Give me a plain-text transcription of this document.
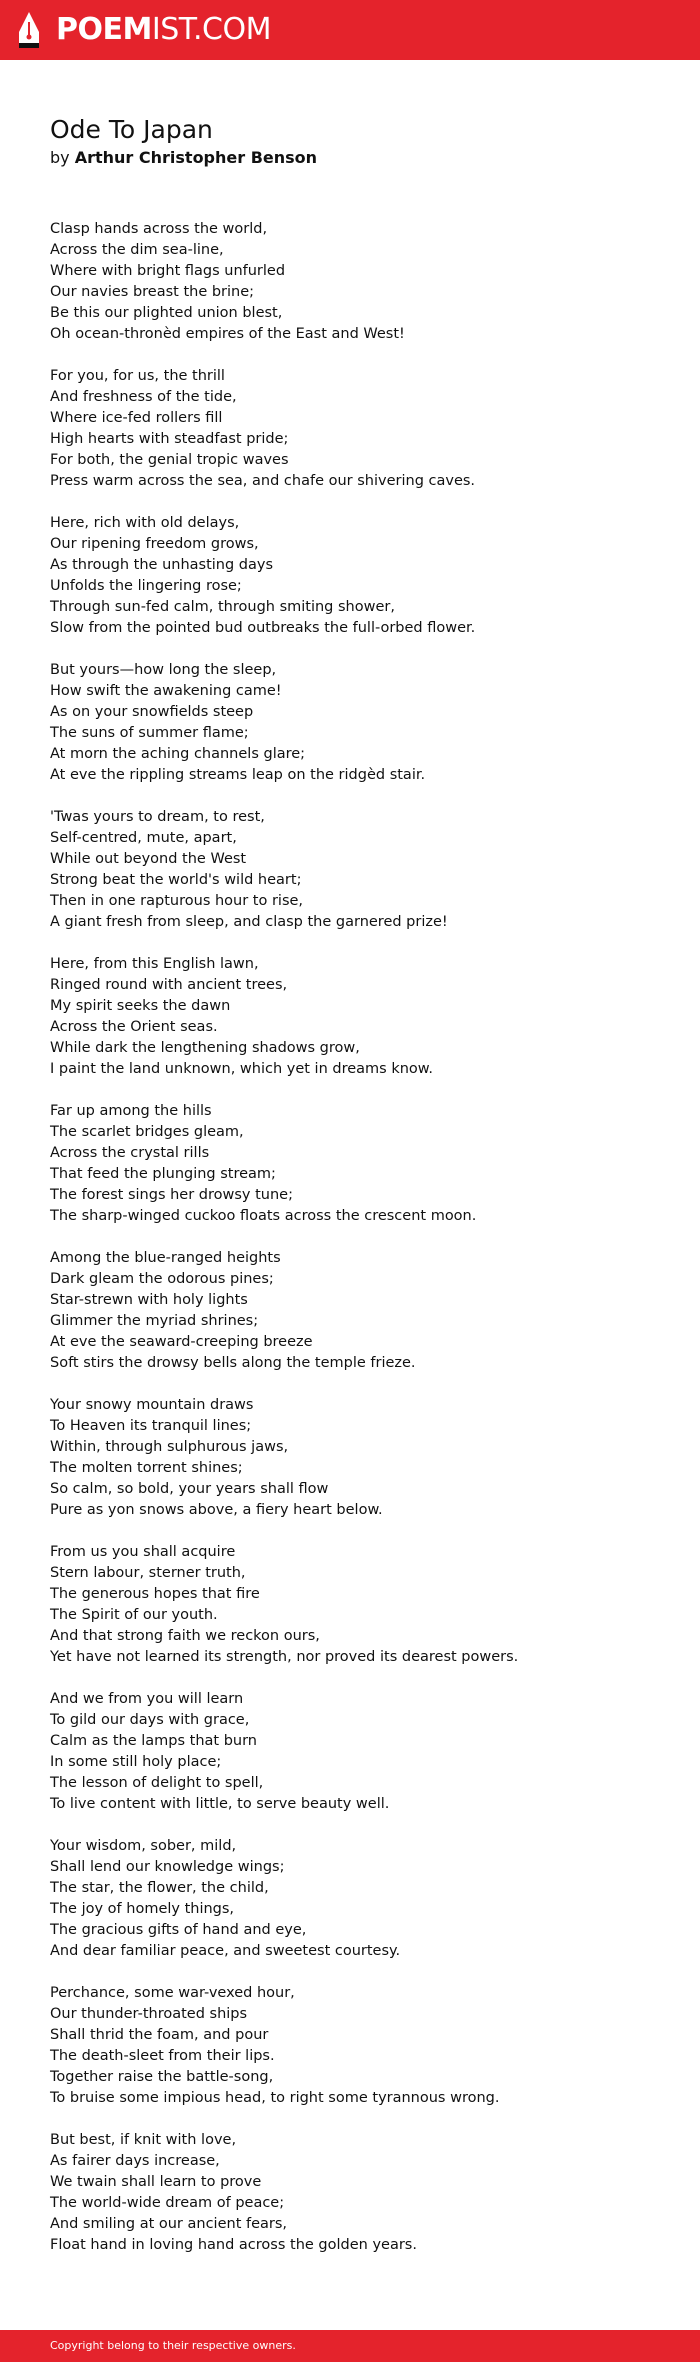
POEMIST.COM
Ode To Japan
by Arthur Christopher Benson
Clasp hands across the world,
Across the dim sea-line,
Where with bright flags unfurled
Our navies breast the brine;
Be this our plighted union blest,
Oh ocean-thronèd empires of the East and West!
For you, for us, the thrill
And freshness of the tide,
Where ice-fed rollers fill
High hearts with steadfast pride;
For both, the genial tropic waves
Press warm across the sea, and chafe our shivering caves.
Here, rich with old delays,
Our ripening freedom grows,
As through the unhasting days
Unfolds the lingering rose;
Through sun-fed calm, through smiting shower,
Slow from the pointed bud outbreaks the full-orbed flower.
But yours—how long the sleep,
How swift the awakening came!
As on your snowfields steep
The suns of summer flame;
At morn the aching channels glare;
At eve the rippling streams leap on the ridgèd stair.
'Twas yours to dream, to rest,
Self-centred, mute, apart,
While out beyond the West
Strong beat the world's wild heart;
Then in one rapturous hour to rise,
A giant fresh from sleep, and clasp the garnered prize!
Here, from this English lawn,
Ringed round with ancient trees,
My spirit seeks the dawn
Across the Orient seas.
While dark the lengthening shadows grow,
I paint the land unknown, which yet in dreams know.
Far up among the hills
The scarlet bridges gleam,
Across the crystal rills
That feed the plunging stream;
The forest sings her drowsy tune;
The sharp-winged cuckoo floats across the crescent moon.
Among the blue-ranged heights
Dark gleam the odorous pines;
Star-strewn with holy lights
Glimmer the myriad shrines;
At eve the seaward-creeping breeze
Soft stirs the drowsy bells along the temple frieze.
Your snowy mountain draws
To Heaven its tranquil lines;
Within, through sulphurous jaws,
The molten torrent shines;
So calm, so bold, your years shall flow
Pure as yon snows above, a fiery heart below.
From us you shall acquire
Stern labour, sterner truth,
The generous hopes that fire
The Spirit of our youth.
And that strong faith we reckon ours,
Yet have not learned its strength, nor proved its dearest powers.
And we from you will learn
To gild our days with grace,
Calm as the lamps that burn
In some still holy place;
The lesson of delight to spell,
To live content with little, to serve beauty well.
Your wisdom, sober, mild,
Shall lend our knowledge wings;
The star, the flower, the child,
The joy of homely things,
The gracious gifts of hand and eye,
And dear familiar peace, and sweetest courtesy.
Perchance, some war-vexed hour,
Our thunder-throated ships
Shall thrid the foam, and pour
The death-sleet from their lips.
Together raise the battle-song,
To bruise some impious head, to right some tyrannous wrong.
But best, if knit with love,
As fairer days increase,
We twain shall learn to prove
The world-wide dream of peace;
And smiling at our ancient fears,
Float hand in loving hand across the golden years.
Copyright belong to their respective owners.
